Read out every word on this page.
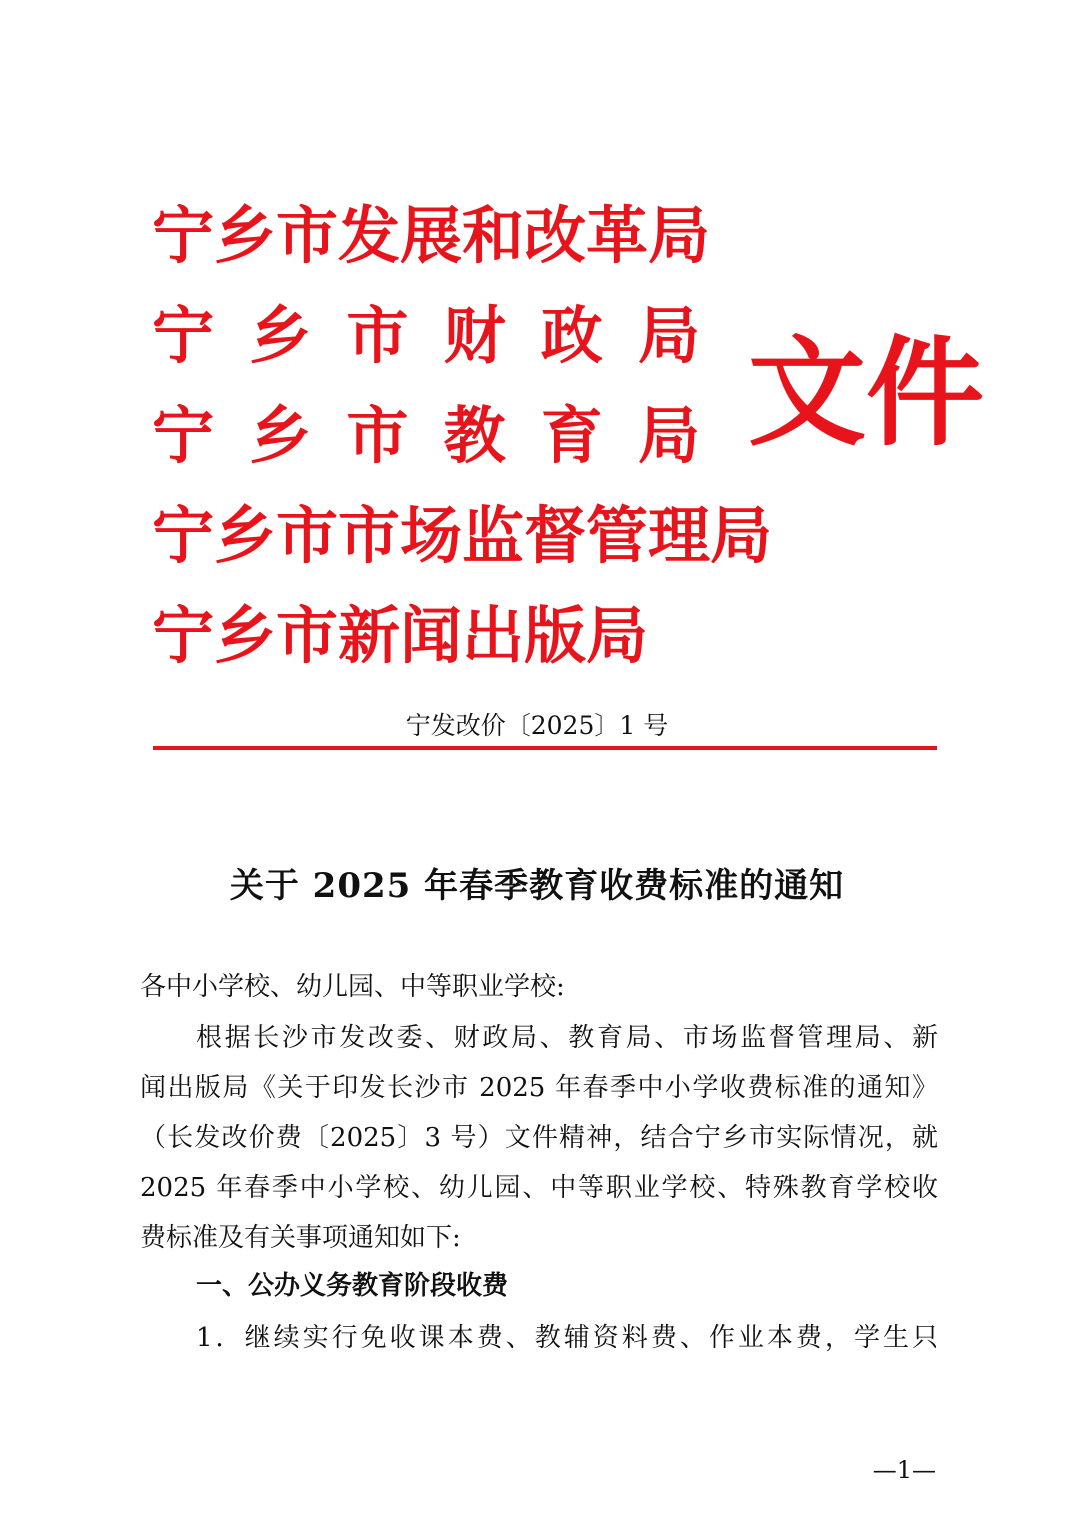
宁乡市发展和改革局
宁 乡 市 财 政 局
宁 乡 市 教 育 局
宁乡市市场监督管理局
宁乡市新闻出版局
文件
宁发改价〔2025〕1 号
关于 2025 年春季教育收费标准的通知
各中小学校、幼儿园、中等职业学校:
根据长沙市发改委、财政局、教育局、市场监督管理局、新
闻出版局《关于印发长沙市 2025 年春季中小学收费标准的通知》
（长发改价费〔2025〕3 号）文件精神，结合宁乡市实际情况，就
2025 年春季中小学校、幼儿园、中等职业学校、特殊教育学校收
费标准及有关事项通知如下:
一、公办义务教育阶段收费
1．继续实行免收课本费、教辅资料费、作业本费，学生只
—1—
